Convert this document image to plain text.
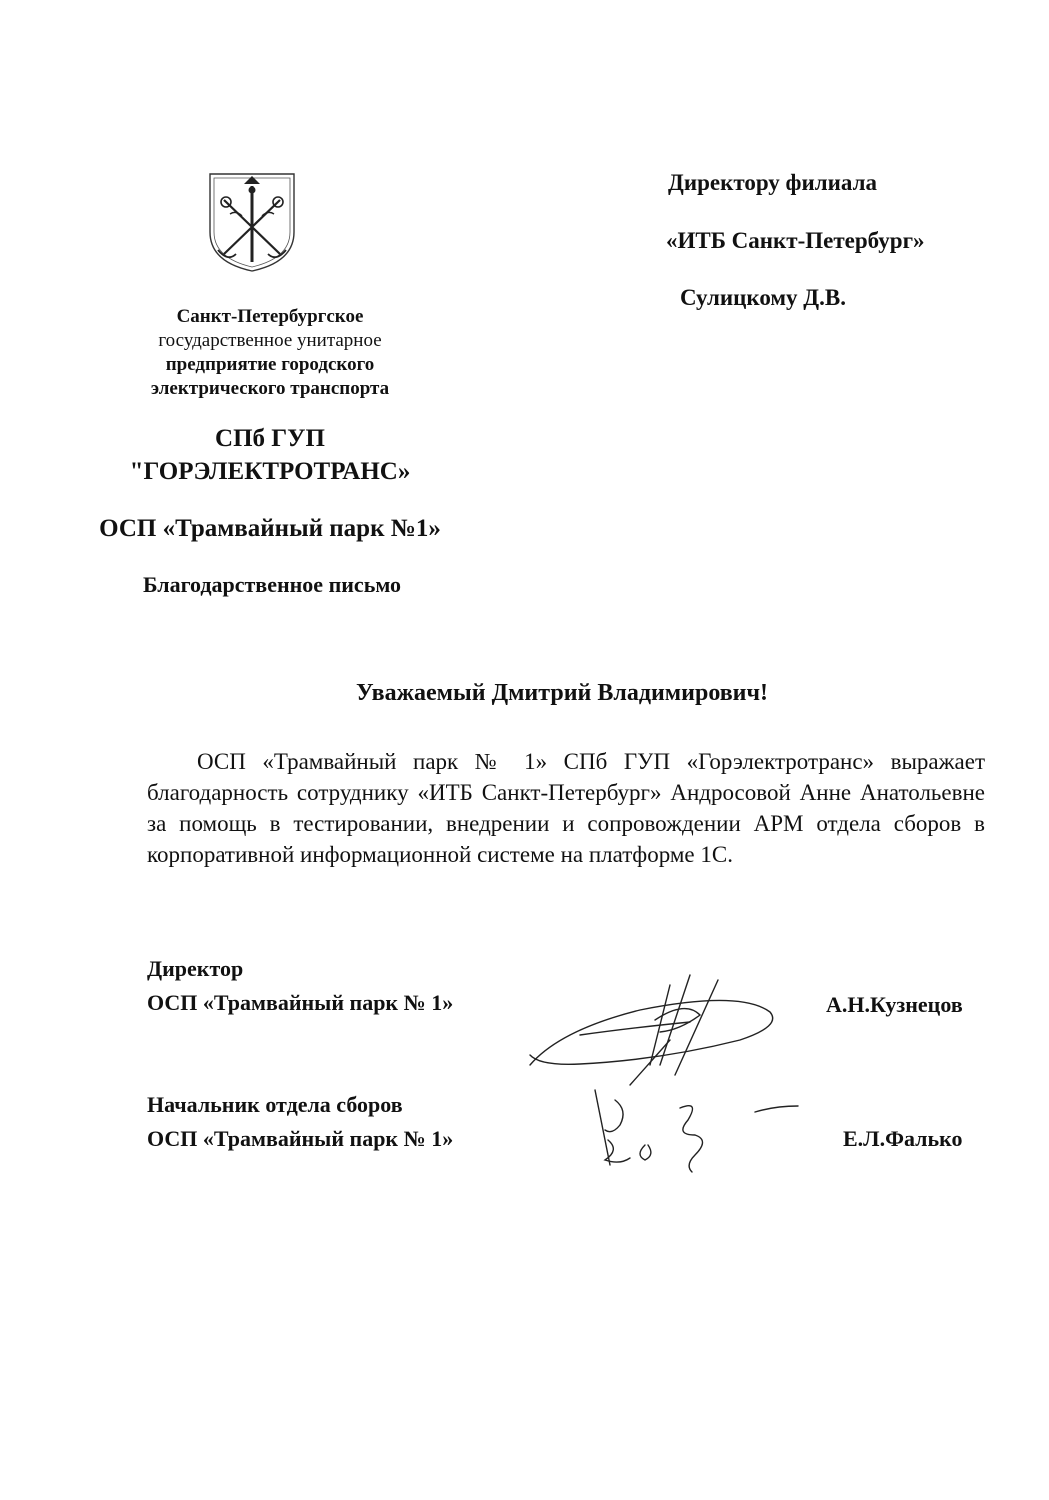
Санкт-Петербургское
государственное унитарное
предприятие городского
электрического транспорта
СПб ГУП
"ГОРЭЛЕКТРОТРАНС»
ОСП «Трамвайный парк №1»
Благодарственное письмо
Директору филиала
«ИТБ Санкт-Петербург»
Сулицкому Д.В.
Уважаемый Дмитрий Владимирович!
ОСП «Трамвайный парк № 1» СПб ГУП «Горэлектротранс» выражает благодарность сотруднику «ИТБ Санкт-Петербург» Андросовой Анне Анатольевне за помощь в тестировании, внедрении и сопровождении АРМ отдела сборов в корпоративной информационной системе на платформе 1С.
Директор
ОСП «Трамвайный парк № 1»	А.Н.Кузнецов
Начальник отдела сборов
ОСП «Трамвайный парк № 1»	Е.Л.Фалько
